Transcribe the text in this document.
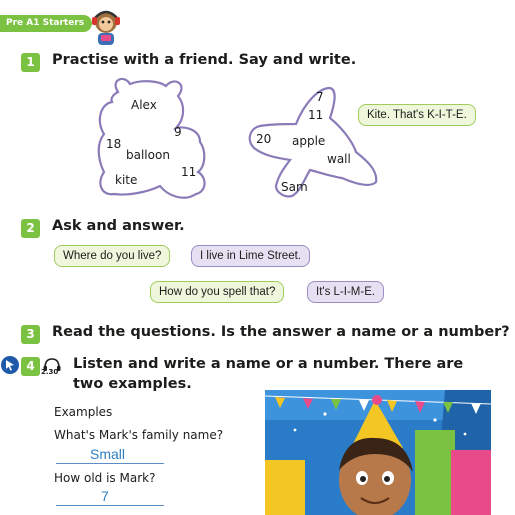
Pre A1 Starters
1	Practise with a friend. Say and write.
Alex
9
18
balloon
11
kite
7
11
20 apple
wall
Sam
Kite. That's K-I-T-E.
2	Ask and answer.
Where do you live?	I live in Lime Street.
How do you spell that?	It's L-I-M-E.
3	Read the questions. Is the answer a name or a number?
4 2.30 Listen and write a name or a number. There are
two examples.
Examples
What's Mark's family name?
Small
How old is Mark?
7
